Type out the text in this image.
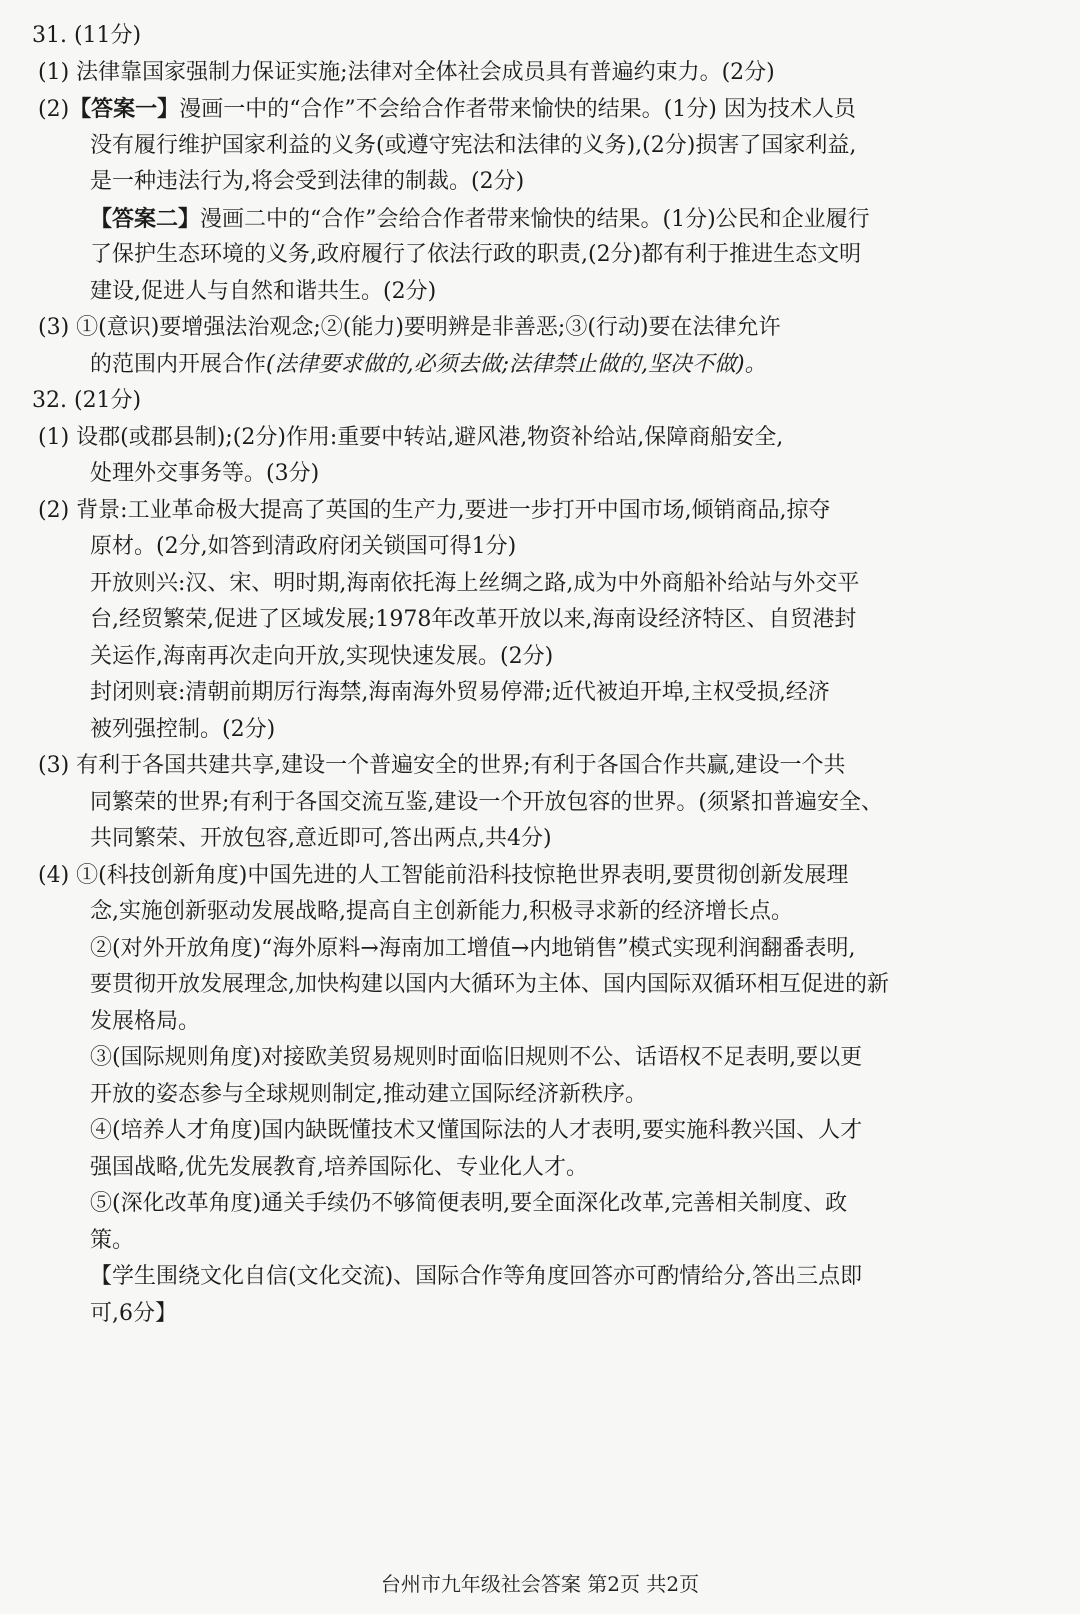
31. (11分)
(1) 法律靠国家强制力保证实施;法律对全体社会成员具有普遍约束力。(2分)
(2)【答案一】漫画一中的“合作”不会给合作者带来愉快的结果。(1分) 因为技术人员
没有履行维护国家利益的义务(或遵守宪法和法律的义务),(2分)损害了国家利益,
是一种违法行为,将会受到法律的制裁。(2分)
【答案二】漫画二中的“合作”会给合作者带来愉快的结果。(1分)公民和企业履行
了保护生态环境的义务,政府履行了依法行政的职责,(2分)都有利于推进生态文明
建设,促进人与自然和谐共生。(2分)
(3) ①(意识)要增强法治观念;②(能力)要明辨是非善恶;③(行动)要在法律允许
的范围内开展合作(法律要求做的,必须去做;法律禁止做的,坚决不做)。
32. (21分)
(1) 设郡(或郡县制);(2分)作用:重要中转站,避风港,物资补给站,保障商船安全,
处理外交事务等。(3分)
(2) 背景:工业革命极大提高了英国的生产力,要进一步打开中国市场,倾销商品,掠夺
原材。(2分,如答到清政府闭关锁国可得1分)
开放则兴:汉、宋、明时期,海南依托海上丝绸之路,成为中外商船补给站与外交平
台,经贸繁荣,促进了区域发展;1978年改革开放以来,海南设经济特区、自贸港封
关运作,海南再次走向开放,实现快速发展。(2分)
封闭则衰:清朝前期厉行海禁,海南海外贸易停滞;近代被迫开埠,主权受损,经济
被列强控制。(2分)
(3) 有利于各国共建共享,建设一个普遍安全的世界;有利于各国合作共赢,建设一个共
同繁荣的世界;有利于各国交流互鉴,建设一个开放包容的世界。(须紧扣普遍安全、
共同繁荣、开放包容,意近即可,答出两点,共4分)
(4) ①(科技创新角度)中国先进的人工智能前沿科技惊艳世界表明,要贯彻创新发展理
念,实施创新驱动发展战略,提高自主创新能力,积极寻求新的经济增长点。
②(对外开放角度)“海外原料→海南加工增值→内地销售”模式实现利润翻番表明,
要贯彻开放发展理念,加快构建以国内大循环为主体、国内国际双循环相互促进的新
发展格局。
③(国际规则角度)对接欧美贸易规则时面临旧规则不公、话语权不足表明,要以更
开放的姿态参与全球规则制定,推动建立国际经济新秩序。
④(培养人才角度)国内缺既懂技术又懂国际法的人才表明,要实施科教兴国、人才
强国战略,优先发展教育,培养国际化、专业化人才。
⑤(深化改革角度)通关手续仍不够简便表明,要全面深化改革,完善相关制度、政
策。
【学生围绕文化自信(文化交流)、国际合作等角度回答亦可酌情给分,答出三点即
可,6分】
台州市九年级社会答案 第2页 共2页
